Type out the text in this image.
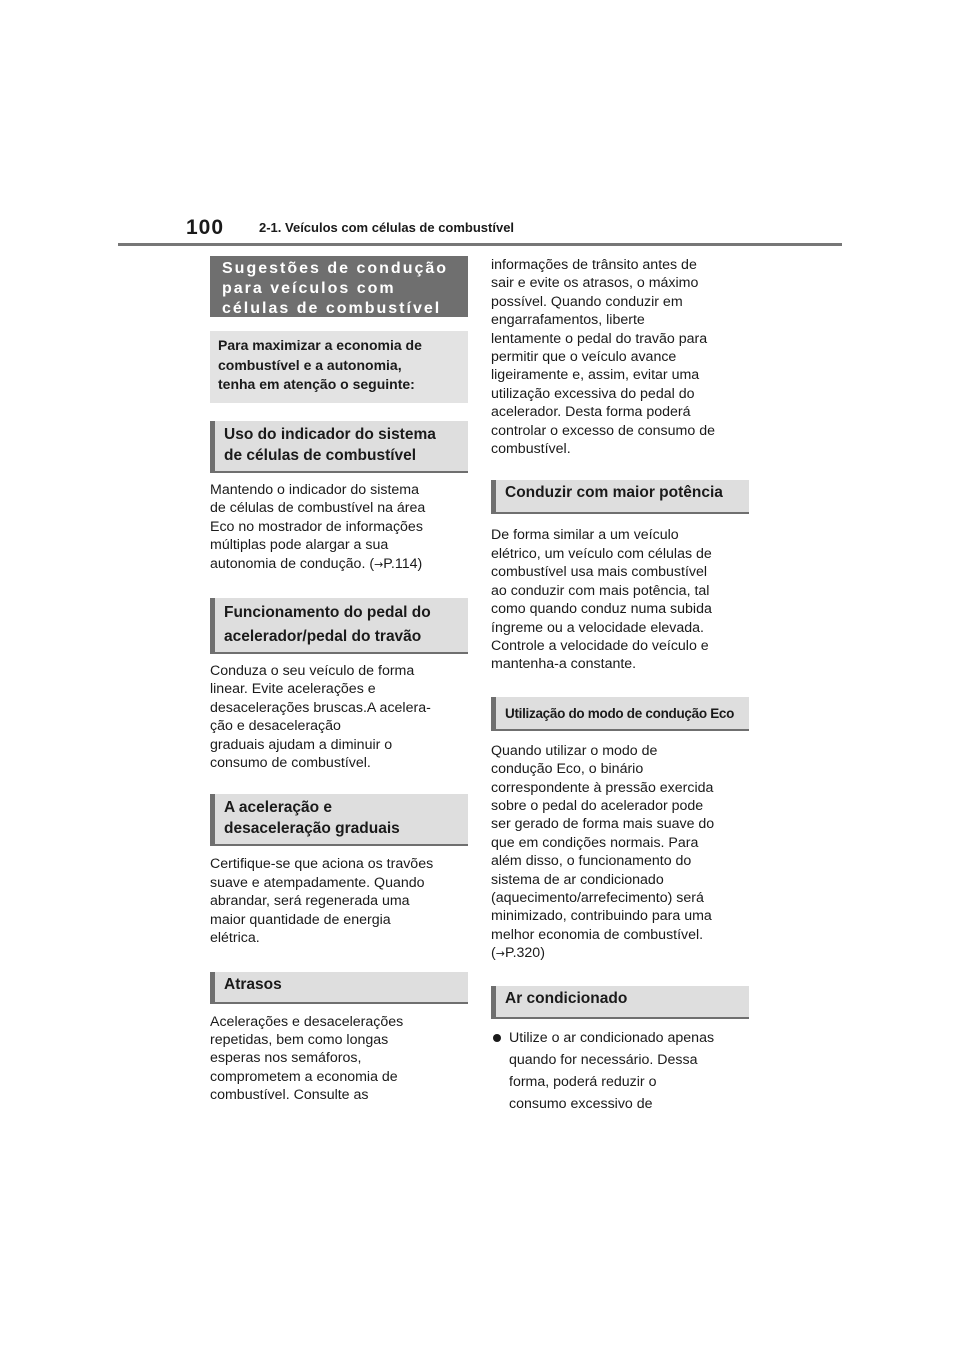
100	2-1. Veículos com células de combustível
Sugestões de condução
para veículos com
células de combustível
Para maximizar a economia de
combustível e a autonomia,
tenha em atenção o seguinte:
Uso do indicador do sistema
de células de combustível

Mantendo o indicador do sistema

de células de combustível na área

Eco no mostrador de informações

múltiplas pode alargar a sua

autonomia de condução. (→P.114)

Funcionamento do pedal do
acelerador/pedal do travão

Conduza o seu veículo de forma

linear. Evite acelerações e

desacelerações bruscas.A acelera-

ção e desaceleração

graduais ajudam a diminuir o

consumo de combustível.

A aceleração e
desaceleração graduais

Certifique-se que aciona os travões

suave e atempadamente. Quando

abrandar, será regenerada uma

maior quantidade de energia

elétrica.

Atrasos

Acelerações e desacelerações

repetidas, bem como longas

esperas nos semáforos,

comprometem a economia de

combustível. Consulte as

informações de trânsito antes de

sair e evite os atrasos, o máximo

possível. Quando conduzir em

engarrafamentos, liberte

lentamente o pedal do travão para

permitir que o veículo avance

ligeiramente e, assim, evitar uma

utilização excessiva do pedal do

acelerador. Desta forma poderá

controlar o excesso de consumo de

combustível.

Conduzir com maior potência

De forma similar a um veículo

elétrico, um veículo com células de

combustível usa mais combustível

ao conduzir com mais potência, tal

como quando conduz numa subida

íngreme ou a velocidade elevada.

Controle a velocidade do veículo e

mantenha-a constante.

Utilização do modo de condução Eco

Quando utilizar o modo de

condução Eco, o binário

correspondente à pressão exercida

sobre o pedal do acelerador pode

ser gerado de forma mais suave do

que em condições normais. Para

além disso, o funcionamento do

sistema de ar condicionado

(aquecimento/arrefecimento) será

minimizado, contribuindo para uma

melhor economia de combustível.

(→P.320)

Ar condicionado
Utilize o ar condicionado apenas
quando for necessário. Dessa
forma, poderá reduzir o
consumo excessivo de
